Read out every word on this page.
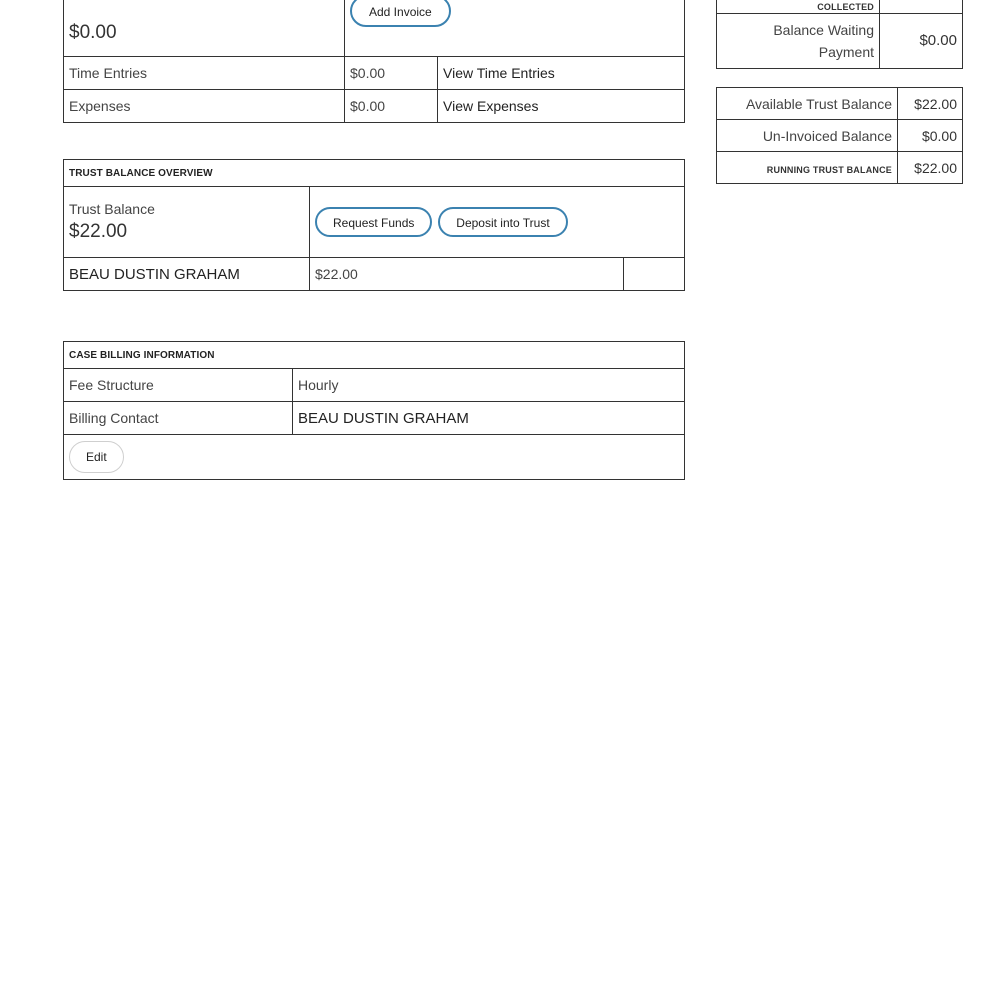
$0.00	Add Invoice	
Time Entries	$0.00	View Time Entries
Expenses	$0.00	View Expenses
COLLECTED	

Balance Waiting
Payment	$0.00
Available Trust Balance	$22.00
Un-Invoiced Balance	$0.00
RUNNING TRUST BALANCE	$22.00
TRUST BALANCE OVERVIEW		

Trust Balance
$22.00	Request Funds Deposit into Trust	
BEAU DUSTIN GRAHAM	$22.00	
CASE BILLING INFORMATION	
Fee Structure	Hourly
Billing Contact	BEAU DUSTIN GRAHAM
Edit	
